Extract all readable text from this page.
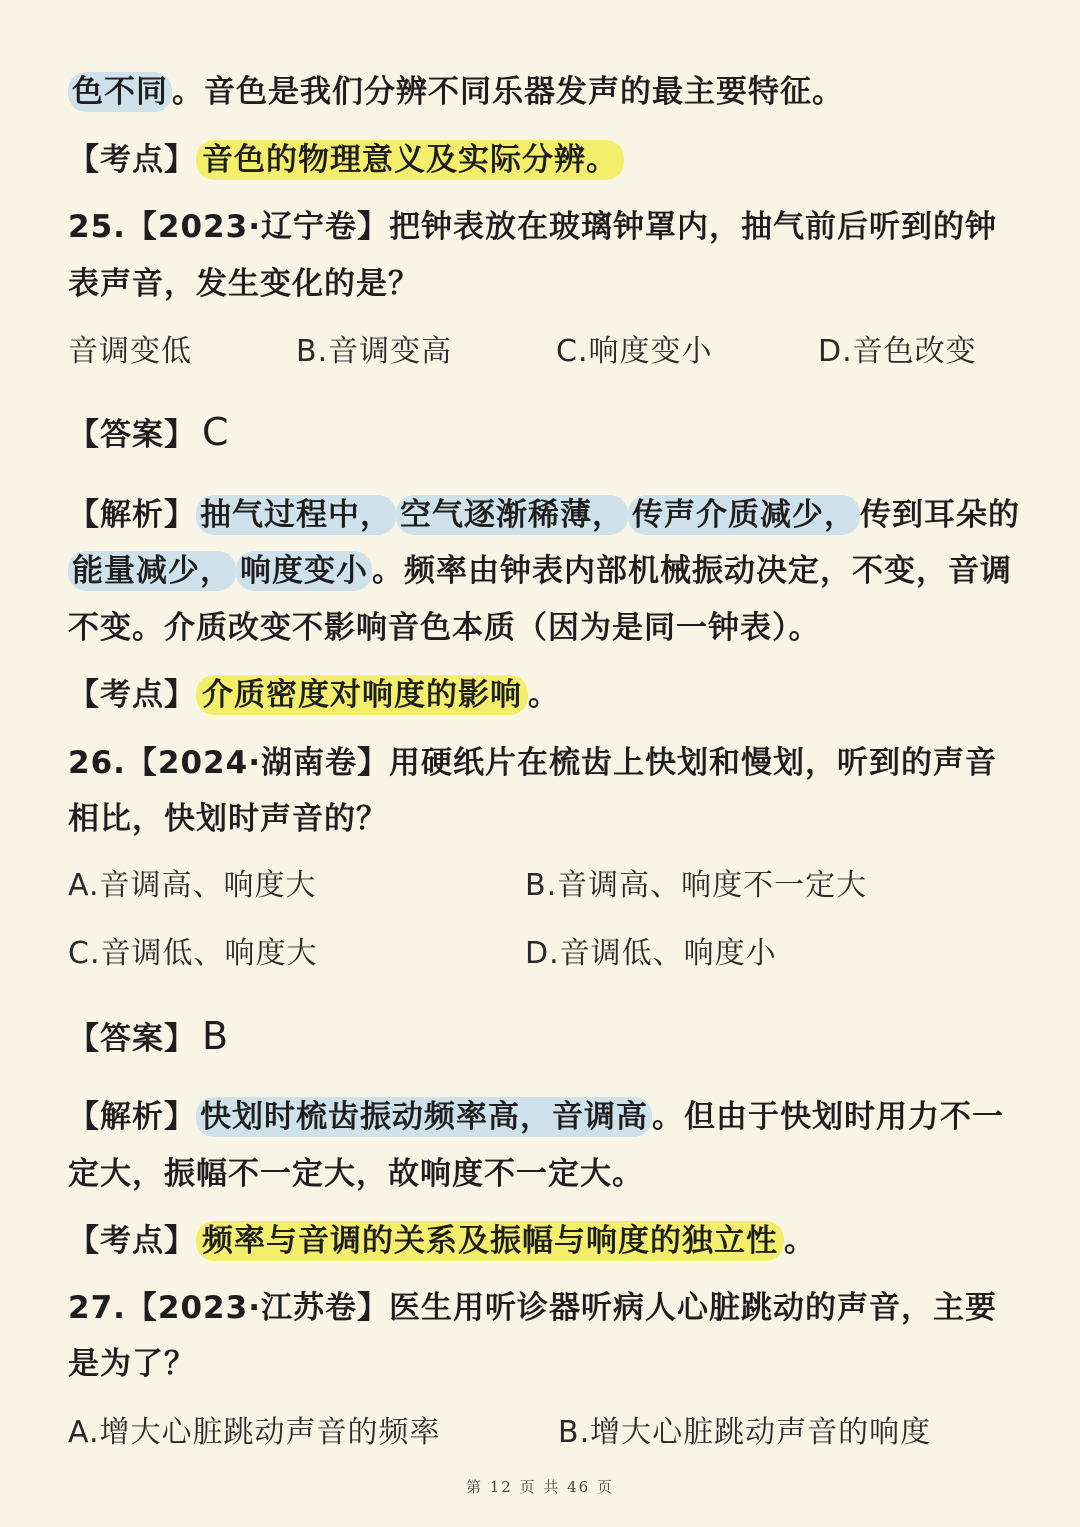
色不同 。音色是我们分辨不同乐器发声的最主要特征。
【考点】 音色的物理意义及实际分辨。
25.【2023·辽宁卷】把钟表放在玻璃钟罩内，抽气前后听到的钟
表声音，发生变化的是？
音调变低	B.音调变高	C.响度变小	D.音色改变
【答案】 C
【解析】 抽气过程中， 空气逐渐稀薄， 传声介质减少， 传到耳朵的
能量减少， 响度变小 。频率由钟表内部机械振动决定，不变，音调
不变。介质改变不影响音色本质（因为是同一钟表）。
【考点】 介质密度对响度的影响 。
26.【2024·湖南卷】用硬纸片在梳齿上快划和慢划，听到的声音
相比，快划时声音的？
A.音调高、响度大	B.音调高、响度不一定大
C.音调低、响度大	D.音调低、响度小
【答案】 B
【解析】 快划时梳齿振动频率高，音调高 。但由于快划时用力不一
定大，振幅不一定大，故响度不一定大。
【考点】 频率与音调的关系及振幅与响度的独立性 。
27.【2023·江苏卷】医生用听诊器听病人心脏跳动的声音，主要
是为了？
A.增大心脏跳动声音的频率	B.增大心脏跳动声音的响度
第 12 页 共 46 页
